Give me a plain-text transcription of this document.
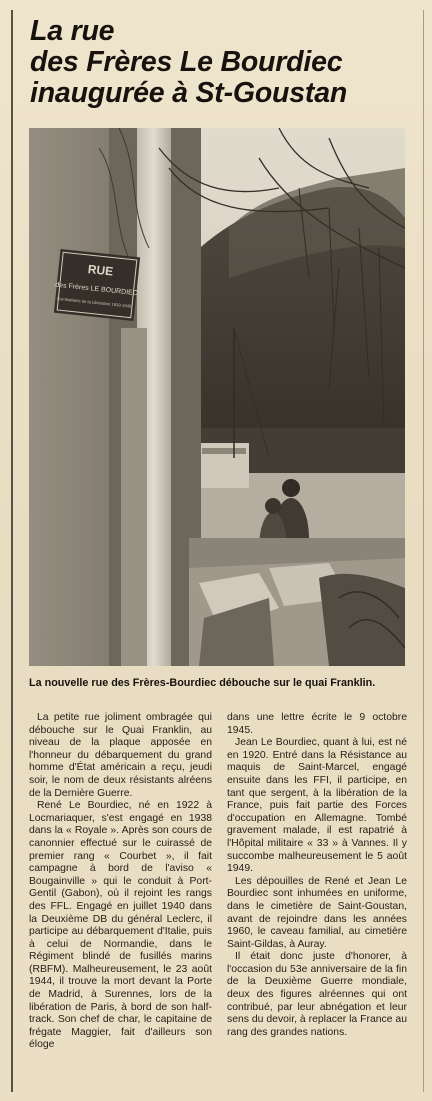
La rue
des Frères Le Bourdiec
inaugurée à St-Goustan
RUE
des Frères LE BOURDIEC
Combattants de la Libération 1939-1945
La nouvelle rue des Frères-Bourdiec débouche sur le quai Franklin.

La petite rue joliment ombragée qui débouche sur le Quai Franklin, au niveau de la plaque apposée en l'honneur du débarquement du grand homme d'État américain a reçu, jeudi soir, le nom de deux résistants alréens de la Dernière Guerre.

René Le Bourdiec, né en 1922 à Locmariaquer, s'est engagé en 1938 dans la « Royale ». Après son cours de canonnier effectué sur le cuirassé de premier rang « Courbet », il fait campagne à bord de l'aviso « Bougainville » qui le conduit à Port-Gentil (Gabon), où il rejoint les rangs des FFL. Engagé en juillet 1940 dans la Deuxième DB du général Leclerc, il participe au débarquement d'Italie, puis à celui de Normandie, dans le Régiment blindé de fusillés marins (RBFM). Malheureusement, le 23 août 1944, il trouve la mort devant la Porte de Madrid, à Surennes, lors de la libération de Paris, à bord de son half-track. Son chef de char, le capitaine de frégate Maggier, fait d'ailleurs son éloge

dans une lettre écrite le 9 octobre 1945.

Jean Le Bourdiec, quant à lui, est né en 1920. Entré dans la Résistance au maquis de Saint-Marcel, engagé ensuite dans les FFI, il participe, en tant que sergent, à la libération de la France, puis fait partie des Forces d'occupation en Allemagne. Tombé gravement malade, il est rapatrié à l'Hôpital militaire « 33 » à Vannes. Il y succombe malheureusement le 5 août 1949.

Les dépouilles de René et Jean Le Bourdiec sont inhumées en uniforme, dans le cimetière de Saint-Goustan, avant de rejoindre dans les années 1960, le caveau familial, au cimetière Saint-Gildas, à Auray.

Il était donc juste d'honorer, à l'occasion du 53e anniversaire de la fin de la Deuxième Guerre mondiale, deux des figures alréennes qui ont contribué, par leur abnégation et leur sens du devoir, à replacer la France au rang des grandes nations.
